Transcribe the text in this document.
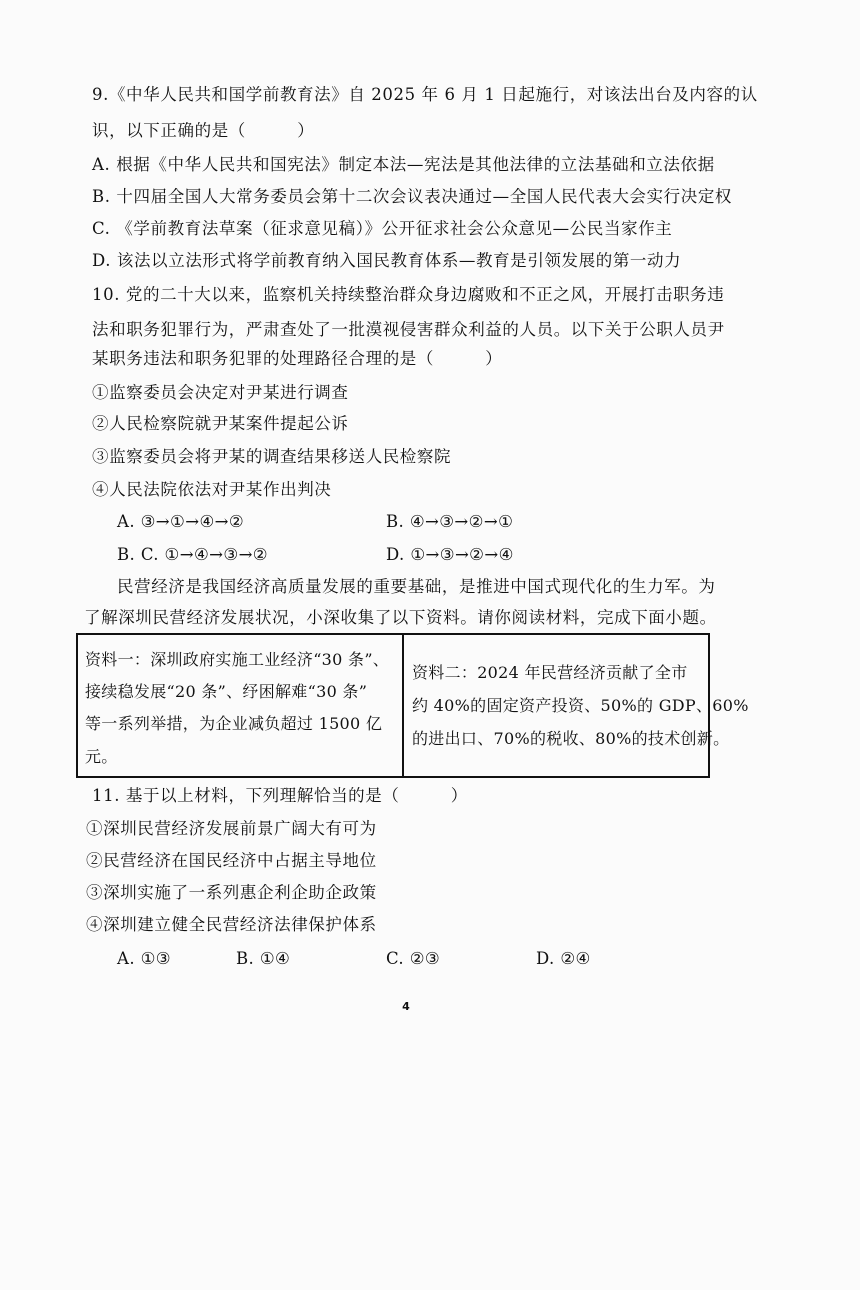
9.《中华人民共和国学前教育法》自 2025 年 6 月 1 日起施行，对该法出台及内容的认
识，以下正确的是（　　　）
A. 根据《中华人民共和国宪法》制定本法—宪法是其他法律的立法基础和立法依据
B. 十四届全国人大常务委员会第十二次会议表决通过—全国人民代表大会实行决定权
C. 《学前教育法草案（征求意见稿）》公开征求社会公众意见—公民当家作主
D. 该法以立法形式将学前教育纳入国民教育体系—教育是引领发展的第一动力
10. 党的二十大以来，监察机关持续整治群众身边腐败和不正之风，开展打击职务违
法和职务犯罪行为，严肃查处了一批漠视侵害群众利益的人员。以下关于公职人员尹
某职务违法和职务犯罪的处理路径合理的是（　　　）
①监察委员会决定对尹某进行调查
②人民检察院就尹某案件提起公诉
③监察委员会将尹某的调查结果移送人民检察院
④人民法院依法对尹某作出判决
A. ③→①→④→②	B. ④→③→②→①
B. C. ①→④→③→②	D. ①→③→②→④
民营经济是我国经济高质量发展的重要基础，是推进中国式现代化的生力军。为
了解深圳民营经济发展状况，小深收集了以下资料。请你阅读材料，完成下面小题。
资料一：深圳政府实施工业经济“30 条”、
接续稳发展“20 条”、纾困解难“30 条”
等一系列举措，为企业减负超过 1500 亿
元。
资料二：2024 年民营经济贡献了全市
约 40%的固定资产投资、50%的 GDP、60%
的进出口、70%的税收、80%的技术创新。
11. 基于以上材料，下列理解恰当的是（　　　）
①深圳民营经济发展前景广阔大有可为
②民营经济在国民经济中占据主导地位
③深圳实施了一系列惠企利企助企政策
④深圳建立健全民营经济法律保护体系
A. ①③	B. ①④	C. ②③	D. ②④
4
